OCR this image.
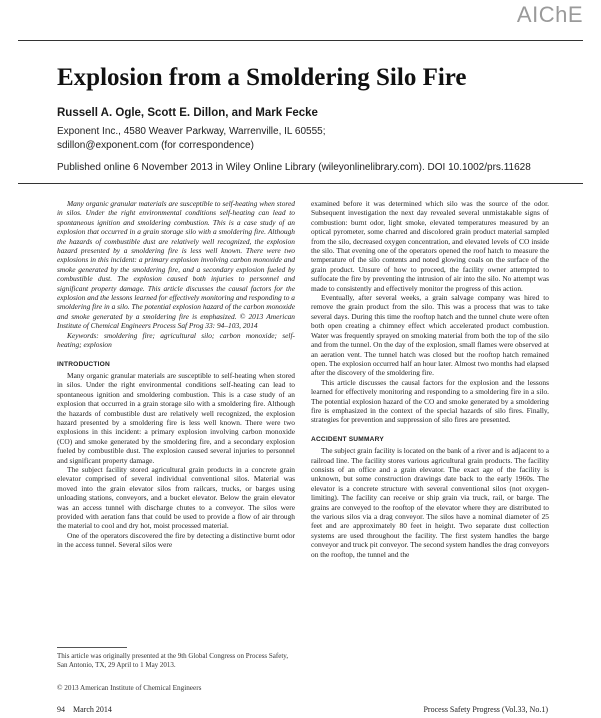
AIChE
Explosion from a Smoldering Silo Fire
Russell A. Ogle, Scott E. Dillon, and Mark Fecke
Exponent Inc., 4580 Weaver Parkway, Warrenville, IL 60555;
sdillon@exponent.com (for correspondence)
Published online 6 November 2013 in Wiley Online Library (wileyonlinelibrary.com). DOI 10.1002/prs.11628

Many organic granular materials are susceptible to self-heating when stored in silos. Under the right environmental conditions self-heating can lead to spontaneous ignition and smoldering combustion. This is a case study of an explosion that occurred in a grain storage silo with a smoldering fire. Although the hazards of combustible dust are relatively well recognized, the explosion hazard presented by a smoldering fire is less well known. There were two explosions in this incident: a primary explosion involving carbon monoxide and smoke generated by the smoldering fire, and a secondary explosion fueled by combustible dust. The explosion caused both injuries to personnel and significant property damage. This article discusses the causal factors for the explosion and the lessons learned for effectively monitoring and responding to a smoldering fire in a silo. The potential explosion hazard of the carbon monoxide and smoke generated by a smoldering fire is emphasized. © 2013 American Institute of Chemical Engineers Process Saf Prog 33: 94–103, 2014

Keywords: smoldering fire; agricultural silo; carbon monoxide; self-heating; explosion

INTRODUCTION

Many organic granular materials are susceptible to self-heating when stored in silos. Under the right environmental conditions self-heating can lead to spontaneous ignition and smoldering combustion. This is a case study of an explosion that occurred in a grain storage silo with a smoldering fire. Although the hazards of combustible dust are relatively well recognized, the explosion hazard presented by a smoldering fire is less well known. There were two explosions in this incident: a primary explosion involving carbon monoxide (CO) and smoke generated by the smoldering fire, and a secondary explosion fueled by combustible dust. The explosion caused several injuries to personnel and significant property damage.

The subject facility stored agricultural grain products in a concrete grain elevator comprised of several individual conventional silos. Material was moved into the grain elevator silos from railcars, trucks, or barges using unloading stations, conveyors, and a bucket elevator. Below the grain elevator was an access tunnel with discharge chutes to a conveyor. The silos were provided with aeration fans that could be used to provide a flow of air through the material to cool and dry hot, moist processed material.

One of the operators discovered the fire by detecting a distinctive burnt odor in the access tunnel. Several silos were

examined before it was determined which silo was the source of the odor. Subsequent investigation the next day revealed several unmistakable signs of combustion: burnt odor, light smoke, elevated temperatures measured by an optical pyrometer, some charred and discolored grain product material sampled from the silo, decreased oxygen concentration, and elevated levels of CO inside the silo. That evening one of the operators opened the roof hatch to measure the temperature of the silo contents and noted glowing coals on the surface of the grain product. Unsure of how to proceed, the facility owner attempted to suffocate the fire by preventing the intrusion of air into the silo. No attempt was made to consistently and effectively monitor the progress of this action.

Eventually, after several weeks, a grain salvage company was hired to remove the grain product from the silo. This was a process that was to take several days. During this time the rooftop hatch and the tunnel chute were often both open creating a chimney effect which accelerated product combustion. Water was frequently sprayed on smoking material from both the top of the silo and from the tunnel. On the day of the explosion, small flames were observed at an aeration vent. The tunnel hatch was closed but the rooftop hatch remained open. The explosion occurred half an hour later. Almost two months had elapsed after the discovery of the smoldering fire.

This article discusses the causal factors for the explosion and the lessons learned for effectively monitoring and responding to a smoldering fire in a silo. The potential explosion hazard of the CO and smoke generated by a smoldering fire is emphasized in the context of the special hazards of silo fires. Finally, strategies for prevention and suppression of silo fires are presented.

ACCIDENT SUMMARY

The subject grain facility is located on the bank of a river and is adjacent to a railroad line. The facility stores various agricultural grain products. The facility consists of an office and a grain elevator. The exact age of the facility is unknown, but some construction drawings date back to the early 1960s. The elevator is a concrete structure with several conventional silos (not oxygen-limiting). The facility can receive or ship grain via truck, rail, or barge. The grains are conveyed to the rooftop of the elevator where they are distributed to the various silos via a drag conveyor. The silos have a nominal diameter of 25 feet and are approximately 80 feet in height. Two separate dust collection systems are used throughout the facility. The first system handles the barge conveyor and truck pit conveyor. The second system handles the drag conveyors on the rooftop, the tunnel and the

This article was originally presented at the 9th Global Congress on Process Safety, San Antonio, TX, 29 April to 1 May 2013.
© 2013 American Institute of Chemical Engineers
94 March 2014	Process Safety Progress (Vol.33, No.1)
